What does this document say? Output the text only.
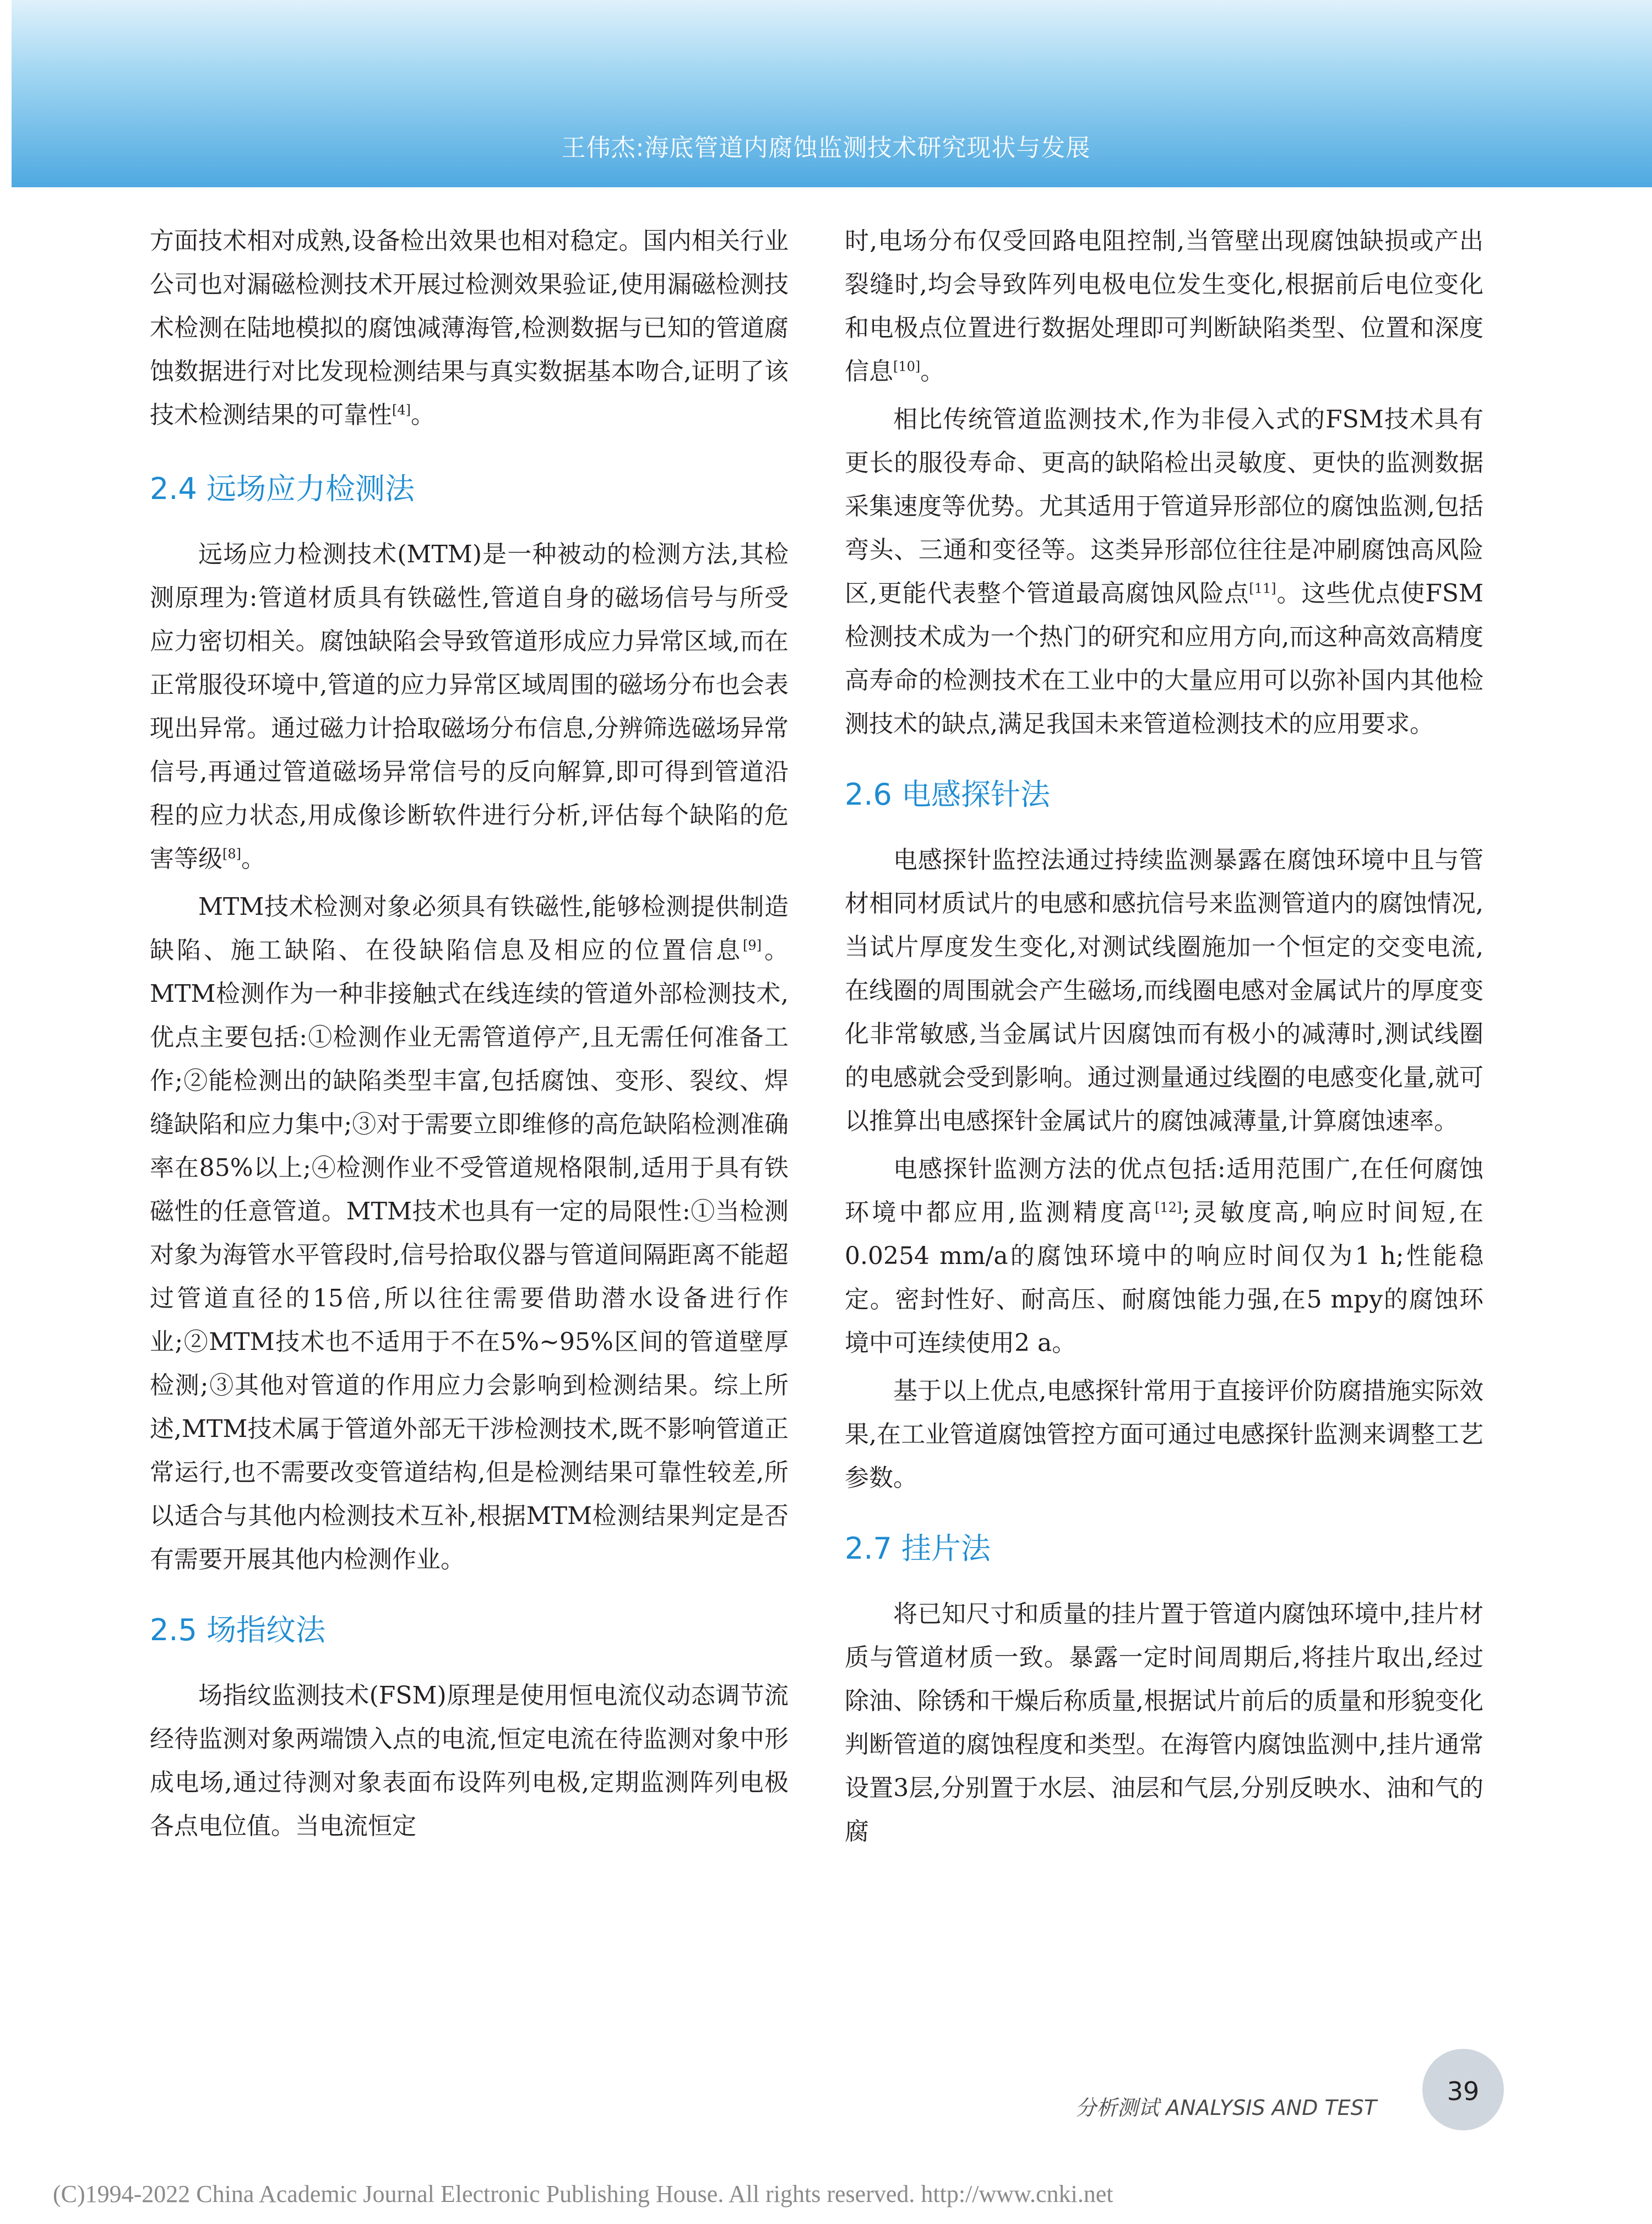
王伟杰:海底管道内腐蚀监测技术研究现状与发展

方面技术相对成熟,设备检出效果也相对稳定。国内相关行业公司也对漏磁检测技术开展过检测效果验证,使用漏磁检测技术检测在陆地模拟的腐蚀减薄海管,检测数据与已知的管道腐蚀数据进行对比发现检测结果与真实数据基本吻合,证明了该技术检测结果的可靠性[4]。

2.4 远场应力检测法

远场应力检测技术(MTM)是一种被动的检测方法,其检测原理为:管道材质具有铁磁性,管道自身的磁场信号与所受应力密切相关。腐蚀缺陷会导致管道形成应力异常区域,而在正常服役环境中,管道的应力异常区域周围的磁场分布也会表现出异常。通过磁力计拾取磁场分布信息,分辨筛选磁场异常信号,再通过管道磁场异常信号的反向解算,即可得到管道沿程的应力状态,用成像诊断软件进行分析,评估每个缺陷的危害等级[8]。

MTM技术检测对象必须具有铁磁性,能够检测提供制造缺陷、施工缺陷、在役缺陷信息及相应的位置信息[9]。MTM检测作为一种非接触式在线连续的管道外部检测技术,优点主要包括:①检测作业无需管道停产,且无需任何准备工作;②能检测出的缺陷类型丰富,包括腐蚀、变形、裂纹、焊缝缺陷和应力集中;③对于需要立即维修的高危缺陷检测准确率在85%以上;④检测作业不受管道规格限制,适用于具有铁磁性的任意管道。MTM技术也具有一定的局限性:①当检测对象为海管水平管段时,信号拾取仪器与管道间隔距离不能超过管道直径的15倍,所以往往需要借助潜水设备进行作业;②MTM技术也不适用于不在5%~95%区间的管道壁厚检测;③其他对管道的作用应力会影响到检测结果。综上所述,MTM技术属于管道外部无干涉检测技术,既不影响管道正常运行,也不需要改变管道结构,但是检测结果可靠性较差,所以适合与其他内检测技术互补,根据MTM检测结果判定是否有需要开展其他内检测作业。

2.5 场指纹法

场指纹监测技术(FSM)原理是使用恒电流仪动态调节流经待监测对象两端馈入点的电流,恒定电流在待监测对象中形成电场,通过待测对象表面布设阵列电极,定期监测阵列电极各点电位值。当电流恒定

时,电场分布仅受回路电阻控制,当管壁出现腐蚀缺损或产出裂缝时,均会导致阵列电极电位发生变化,根据前后电位变化和电极点位置进行数据处理即可判断缺陷类型、位置和深度信息[10]。

相比传统管道监测技术,作为非侵入式的FSM技术具有更长的服役寿命、更高的缺陷检出灵敏度、更快的监测数据采集速度等优势。尤其适用于管道异形部位的腐蚀监测,包括弯头、三通和变径等。这类异形部位往往是冲刷腐蚀高风险区,更能代表整个管道最高腐蚀风险点[11]。这些优点使FSM检测技术成为一个热门的研究和应用方向,而这种高效高精度高寿命的检测技术在工业中的大量应用可以弥补国内其他检测技术的缺点,满足我国未来管道检测技术的应用要求。

2.6 电感探针法

电感探针监控法通过持续监测暴露在腐蚀环境中且与管材相同材质试片的电感和感抗信号来监测管道内的腐蚀情况,当试片厚度发生变化,对测试线圈施加一个恒定的交变电流,在线圈的周围就会产生磁场,而线圈电感对金属试片的厚度变化非常敏感,当金属试片因腐蚀而有极小的减薄时,测试线圈的电感就会受到影响。通过测量通过线圈的电感变化量,就可以推算出电感探针金属试片的腐蚀减薄量,计算腐蚀速率。

电感探针监测方法的优点包括:适用范围广,在任何腐蚀环境中都应用,监测精度高[12];灵敏度高,响应时间短,在0.0254 mm/a的腐蚀环境中的响应时间仅为1 h;性能稳定。密封性好、耐高压、耐腐蚀能力强,在5 mpy的腐蚀环境中可连续使用2 a。

基于以上优点,电感探针常用于直接评价防腐措施实际效果,在工业管道腐蚀管控方面可通过电感探针监测来调整工艺参数。

2.7 挂片法

将已知尺寸和质量的挂片置于管道内腐蚀环境中,挂片材质与管道材质一致。暴露一定时间周期后,将挂片取出,经过除油、除锈和干燥后称质量,根据试片前后的质量和形貌变化判断管道的腐蚀程度和类型。在海管内腐蚀监测中,挂片通常设置3层,分别置于水层、油层和气层,分别反映水、油和气的腐

分析测试 ANALYSIS AND TEST
39
(C)1994-2022 China Academic Journal Electronic Publishing House. All rights reserved. http://www.cnki.net
